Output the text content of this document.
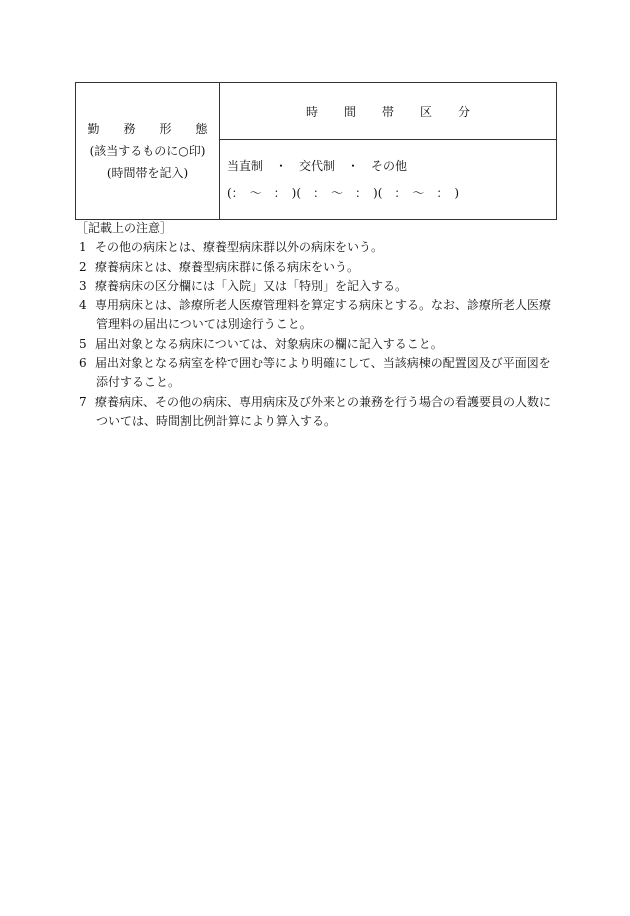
勤　　務　　形　　態
(該当するものに○印)
(時間帯を記入)
	時 間 帯 区 分

当直制　・　交代制　・　その他
(：　〜　：　)(　：　〜　：　)(　：　〜　：　)
［記載上の注意］
1 その他の病床とは、療養型病床群以外の病床をいう。
2 療養病床とは、療養型病床群に係る病床をいう。
3 療養病床の区分欄には「入院」又は「特別」を記入する。
4 専用病床とは、診療所老人医療管理料を算定する病床とする。なお、診療所老人医療
管理料の届出については別途行うこと。
5 届出対象となる病床については、対象病床の欄に記入すること。
6 届出対象となる病室を枠で囲む等により明確にして、当該病棟の配置図及び平面図を
添付すること。
7 療養病床、その他の病床、専用病床及び外来との兼務を行う場合の看護要員の人数に
ついては、時間割比例計算により算入する。
